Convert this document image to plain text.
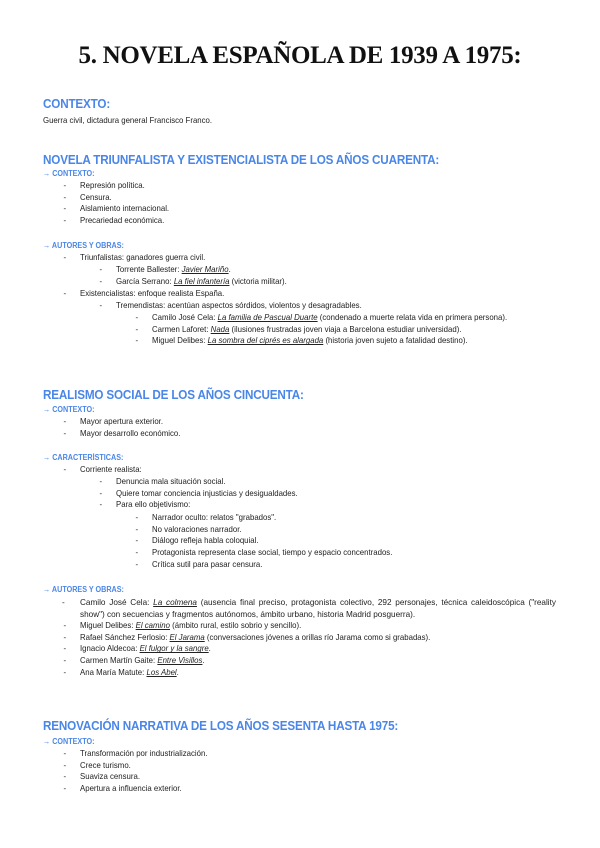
5. NOVELA ESPAÑOLA DE 1939 A 1975:
CONTEXTO:

Guerra civil, dictadura general Francisco Franco.

NOVELA TRIUNFALISTA Y EXISTENCIALISTA DE LOS AÑOS CUARENTA:
→ CONTEXTO:
- Represión política.
- Censura.
- Aislamiento internacional.
- Precariedad económica.
→ AUTORES Y OBRAS:
- Triunfalistas: ganadores guerra civil.
- Torrente Ballester: Javier Mariño.
- García Serrano: La fiel infantería (victoria militar).
- Existencialistas: enfoque realista España.
- Tremendistas: acentúan aspectos sórdidos, violentos y desagradables.
- Camilo José Cela: La familia de Pascual Duarte (condenado a muerte relata vida en primera persona).
- Carmen Laforet: Nada (ilusiones frustradas joven viaja a Barcelona estudiar universidad).
- Miguel Delibes: La sombra del ciprés es alargada (historia joven sujeto a fatalidad destino).
REALISMO SOCIAL DE LOS AÑOS CINCUENTA:
→ CONTEXTO:
- Mayor apertura exterior.
- Mayor desarrollo económico.
→ CARACTERÍSTICAS:
- Corriente realista:
- Denuncia mala situación social.
- Quiere tomar conciencia injusticias y desigualdades.
- Para ello objetivismo:
- Narrador oculto: relatos "grabados".
- No valoraciones narrador.
- Diálogo refleja habla coloquial.
- Protagonista representa clase social, tiempo y espacio concentrados.
- Crítica sutil para pasar censura.
→ AUTORES Y OBRAS:
- Camilo José Cela: La colmena (ausencia final preciso, protagonista colectivo, 292 personajes, técnica caleidoscópica ("reality show") con secuencias y fragmentos autónomos, ámbito urbano, historia Madrid posguerra).
- Miguel Delibes: El camino (ámbito rural, estilo sobrio y sencillo).
- Rafael Sánchez Ferlosio: El Jarama (conversaciones jóvenes a orillas río Jarama como si grabadas).
- Ignacio Aldecoa: El fulgor y la sangre.
- Carmen Martín Gaite: Entre Visillos.
- Ana María Matute: Los Abel.
RENOVACIÓN NARRATIVA DE LOS AÑOS SESENTA HASTA 1975:
→ CONTEXTO:
- Transformación por industrialización.
- Crece turismo.
- Suaviza censura.
- Apertura a influencia exterior.
